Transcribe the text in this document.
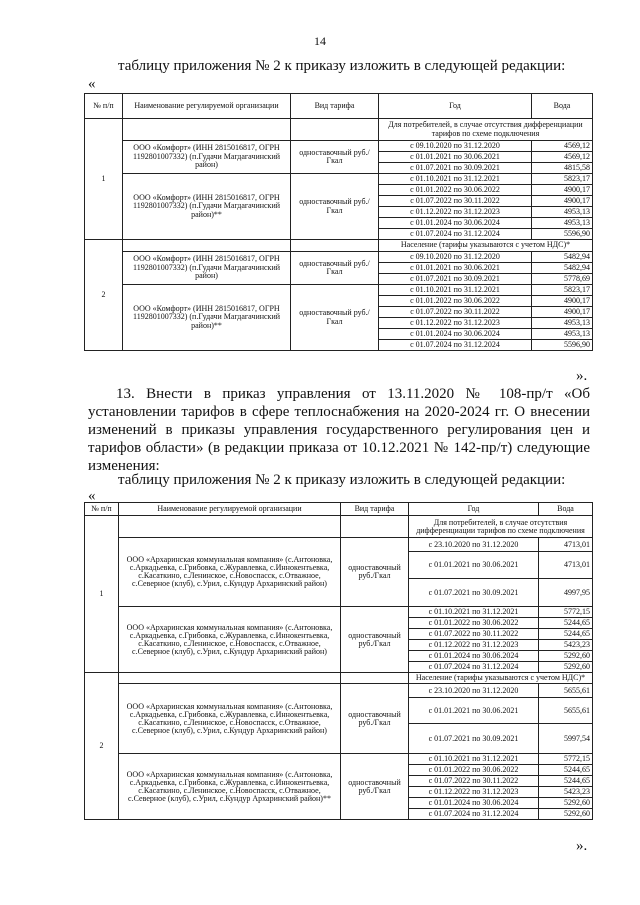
14
таблицу приложения № 2 к приказу изложить в следующей редакции:
«
№ п/п	Наименование регулируемой организации	Вид тарифа	Год	Вода
1			Для потребителей, в случае отсутствия дифференциации тарифов по схеме подключения	
	ООО «Комфорт» (ИНН 2815016817, ОГРН 1192801007332) (п.Гудачи Магдагачинский район)	одноставочный руб./Гкал	с 09.10.2020 по 31.12.2020	4569,12
			с 01.01.2021 по 30.06.2021	4569,12
			с 01.07.2021 по 30.09.2021	4815,58
	ООО «Комфорт» (ИНН 2815016817, ОГРН 1192801007332) (п.Гудачи Магдагачинский район)**	одноставочный руб./Гкал	с 01.10.2021 по 31.12.2021	5823,17
			с 01.01.2022 по 30.06.2022	4900,17
			с 01.07.2022 по 30.11.2022	4900,17
			с 01.12.2022 по 31.12.2023	4953,13
			с 01.01.2024 по 30.06.2024	4953,13
			с 01.07.2024 по 31.12.2024	5596,90
2			Население (тарифы указываются с учетом НДС)*	
	ООО «Комфорт» (ИНН 2815016817, ОГРН 1192801007332) (п.Гудачи Магдагачинский район)	одноставочный руб./Гкал	с 09.10.2020 по 31.12.2020	5482,94
			с 01.01.2021 по 30.06.2021	5482,94
			с 01.07.2021 по 30.09.2021	5778,69
	ООО «Комфорт» (ИНН 2815016817, ОГРН 1192801007332) (п.Гудачи Магдагачинский район)**	одноставочный руб./Гкал	с 01.10.2021 по 31.12.2021	5823,17
			с 01.01.2022 по 30.06.2022	4900,17
			с 01.07.2022 по 30.11.2022	4900,17
			с 01.12.2022 по 31.12.2023	4953,13
			с 01.01.2024 по 30.06.2024	4953,13
			с 01.07.2024 по 31.12.2024	5596,90
».
13. Внести в приказ управления от 13.11.2020 № 108-пр/т «Об установлении тарифов в сфере теплоснабжения на 2020-2024 гг. О внесении изменений в приказы управления государственного регулирования цен и тарифов области» (в редакции приказа от 10.12.2021 № 142-пр/т) следующие изменения:
таблицу приложения № 2 к приказу изложить в следующей редакции:
«
№ п/п	Наименование регулируемой организации	Вид тарифа	Год	Вода
1			Для потребителей, в случае отсутствия дифференциации тарифов по схеме подключения	
	ООО «Архаринская коммунальная компания» (с.Антоновка, с.Аркадьевка, с.Грибовка, с.Журавлевка, с.Иннокентьевка, с.Касаткино, с.Ленинское, с.Новоспасск, с.Отважное, с.Северное (клуб), с.Урил, с.Кундур Архаринский район)	одноставочный руб./Гкал	с 23.10.2020 по 31.12.2020	4713,01
			с 01.01.2021 по 30.06.2021	4713,01
			с 01.07.2021 по 30.09.2021	4997,95
	ООО «Архаринская коммунальная компания» (с.Антоновка, с.Аркадьевка, с.Грибовка, с.Журавлевка, с.Иннокентьевка, с.Касаткино, с.Ленинское, с.Новоспасск, с.Отважное, с.Северное (клуб), с.Урил, с.Кундур Архаринский район)	одноставочный руб./Гкал	с 01.10.2021 по 31.12.2021	5772,15
			с 01.01.2022 по 30.06.2022	5244,65
			с 01.07.2022 по 30.11.2022	5244,65
			с 01.12.2022 по 31.12.2023	5423,23
			с 01.01.2024 по 30.06.2024	5292,60
			с 01.07.2024 по 31.12.2024	5292,60
2			Население (тарифы указываются с учетом НДС)*	
	ООО «Архаринская коммунальная компания» (с.Антоновка, с.Аркадьевка, с.Грибовка, с.Журавлевка, с.Иннокентьевка, с.Касаткино, с.Ленинское, с.Новоспасск, с.Отважное, с.Северное (клуб), с.Урил, с.Кундур Архаринский район)	одноставочный руб./Гкал	с 23.10.2020 по 31.12.2020	5655,61
			с 01.01.2021 по 30.06.2021	5655,61
			с 01.07.2021 по 30.09.2021	5997,54
	ООО «Архаринская коммунальная компания» (с.Антоновка, с.Аркадьевка, с.Грибовка, с.Журавлевка, с.Иннокентьевка, с.Касаткино, с.Ленинское, с.Новоспасск, с.Отважное, с.Северное (клуб), с.Урил, с.Кундур Архаринский район)**	одноставочный руб./Гкал	с 01.10.2021 по 31.12.2021	5772,15
			с 01.01.2022 по 30.06.2022	5244,65
			с 01.07.2022 по 30.11.2022	5244,65
			с 01.12.2022 по 31.12.2023	5423,23
			с 01.01.2024 по 30.06.2024	5292,60
			с 01.07.2024 по 31.12.2024	5292,60
».
